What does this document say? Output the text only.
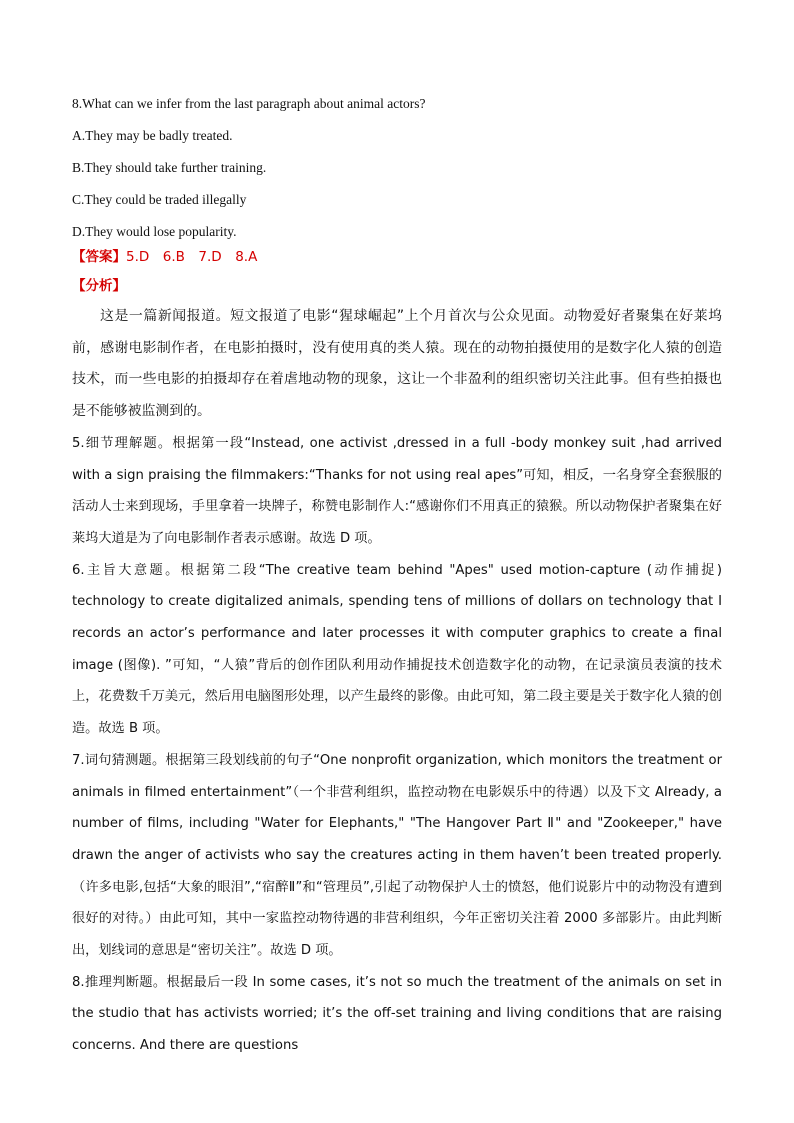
8.What can we infer from the last paragraph about animal actors?

A.They may be badly treated.

B.They should take further training.

C.They could be traded illegally

D.They would lose popularity.

【答案】5.D　6.B　7.D　8.A

【分析】

这是一篇新闻报道。短文报道了电影“猩球崛起”上个月首次与公众见面。动物爱好者聚集在好莱坞前，感谢电影制作者，在电影拍摄时，没有使用真的类人猿。现在的动物拍摄使用的是数字化人猿的创造技术，而一些电影的拍摄却存在着虐地动物的现象，这让一个非盈利的组织密切关注此事。但有些拍摄也是不能够被监测到的。

5.细节理解题。根据第一段“Instead, one activist ,dressed in a full -body monkey suit ,had arrived with a sign praising the filmmakers:“Thanks for not using real apes”可知，相反，一名身穿全套猴服的活动人士来到现场，手里拿着一块牌子，称赞电影制作人:“感谢你们不用真正的猿猴。所以动物保护者聚集在好莱坞大道是为了向电影制作者表示感谢。故选 D 项。

6.主旨大意题。根据第二段“The creative team behind "Apes" used motion-capture (动作捕捉) technology to create digitalized animals, spending tens of millions of dollars on technology that I records an actor’s performance and later processes it with computer graphics to create a final image (图像). ”可知，“人猿”背后的创作团队利用动作捕捉技术创造数字化的动物，在记录演员表演的技术上，花费数千万美元，然后用电脑图形处理，以产生最终的影像。由此可知，第二段主要是关于数字化人猿的创造。故选 B 项。

7.词句猜测题。根据第三段划线前的句子“One nonprofit organization, which monitors the treatment or animals in filmed entertainment”（一个非营利组织，监控动物在电影娱乐中的待遇）以及下文 Already, a number of films, including "Water for Elephants," "The Hangover Part Ⅱ" and "Zookeeper," have drawn the anger of activists who say the creatures acting in them haven’t been treated properly.（许多电影,包括“大象的眼泪”,“宿醉Ⅱ”和“管理员”,引起了动物保护人士的愤怒，他们说影片中的动物没有遭到很好的对待。）由此可知，其中一家监控动物待遇的非营利组织，今年正密切关注着 2000 多部影片。由此判断出，划线词的意思是“密切关注”。故选 D 项。

8.推理判断题。根据最后一段 In some cases, it’s not so much the treatment of the animals on set in the studio that has activists worried; it’s the off-set training and living conditions that are raising concerns. And there are questions
